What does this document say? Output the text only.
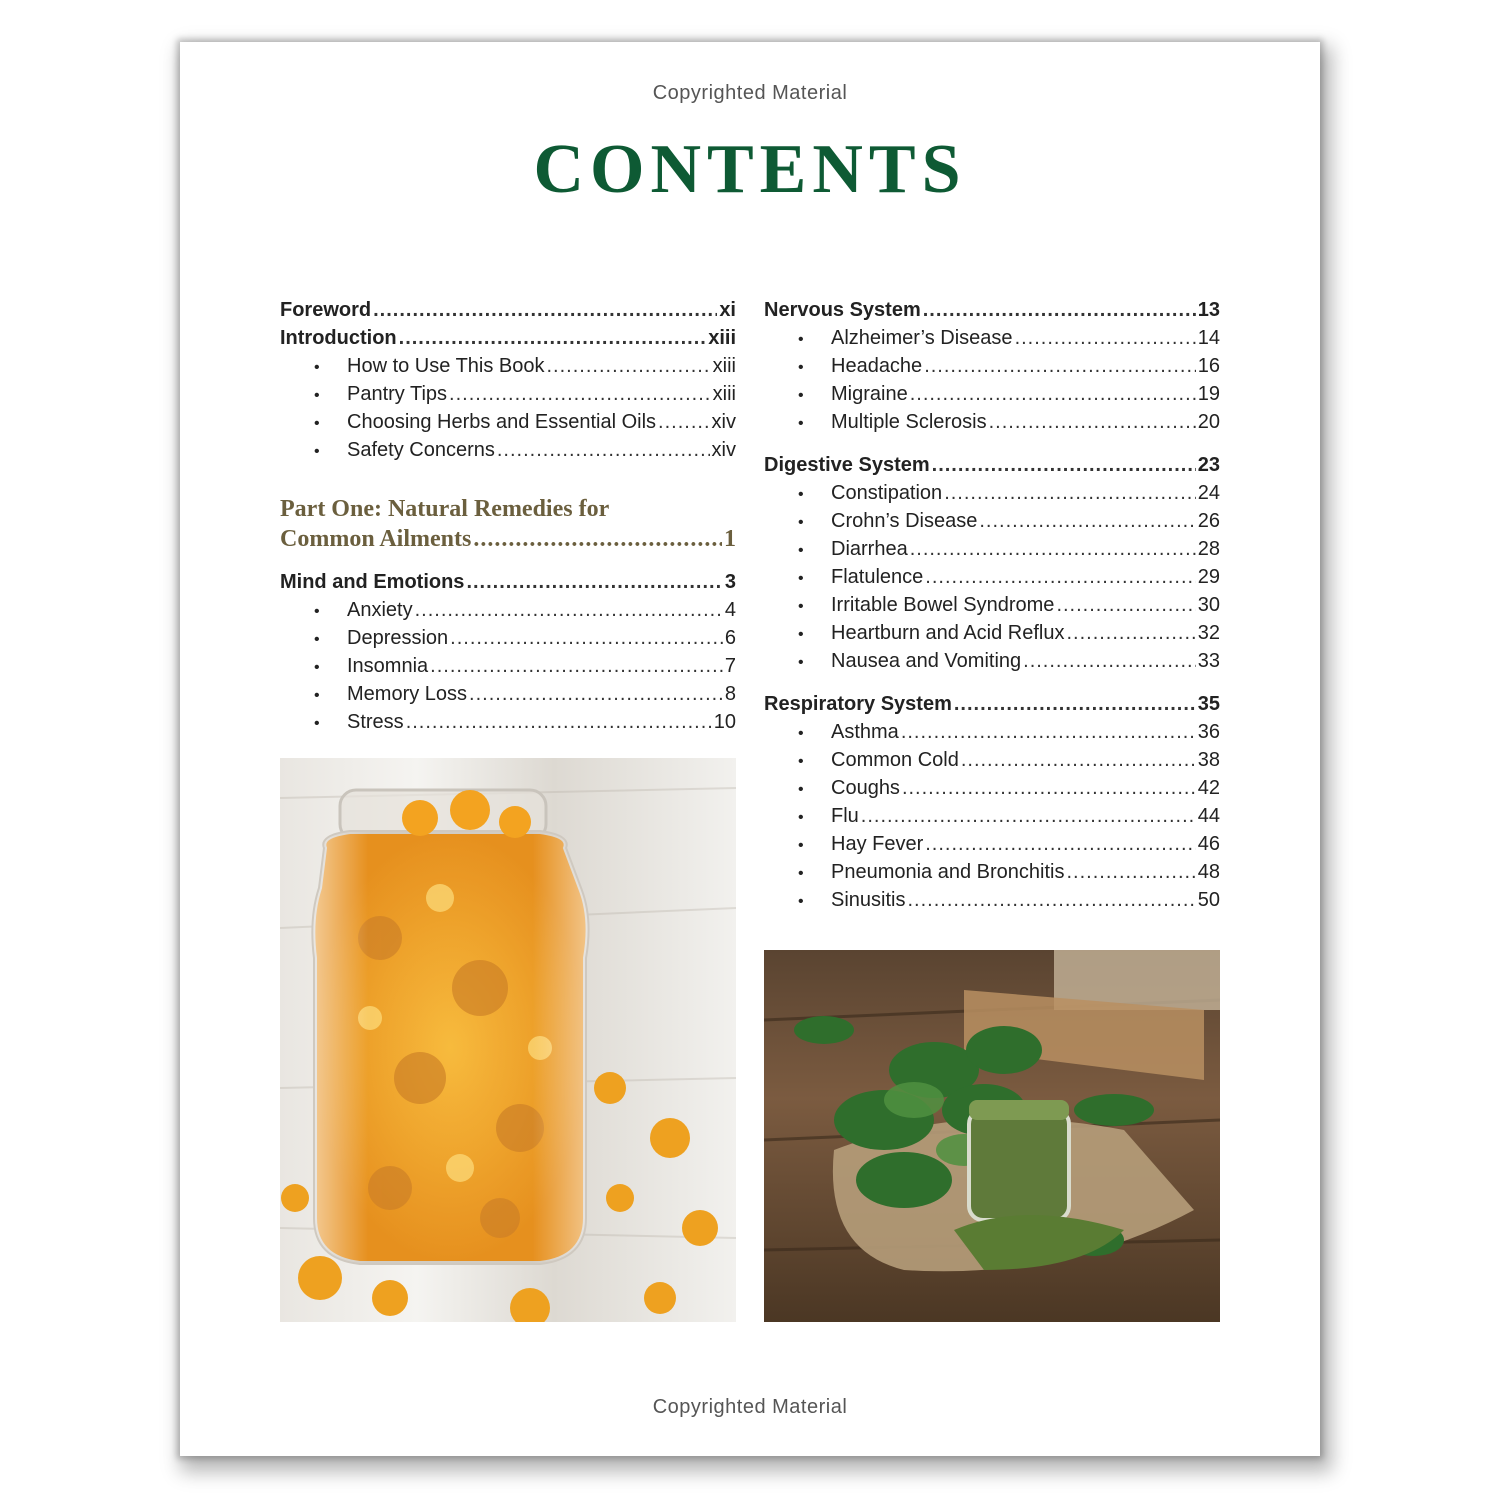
Copyrighted Material
CONTENTS
Foreword .....	xi
Introduction .....	xiii
•	How to Use This Book .....	xiii
•	Pantry Tips .....	xiii
•	Choosing Herbs and Essential Oils .....	xiv
•	Safety Concerns .....	xiv
Part One: Natural Remedies for
Common Ailments .....	1
Mind and Emotions .....	3
•	Anxiety .....	4
•	Depression .....	6
•	Insomnia .....	7
•	Memory Loss .....	8
•	Stress .....	10
Nervous System .....	13
•	Alzheimer’s Disease .....	14
•	Headache .....	16
•	Migraine .....	19
•	Multiple Sclerosis .....	20
Digestive System .....	23
•	Constipation .....	24
•	Crohn’s Disease .....	26
•	Diarrhea .....	28
•	Flatulence .....	29
•	Irritable Bowel Syndrome .....	30
•	Heartburn and Acid Reflux .....	32
•	Nausea and Vomiting .....	33
Respiratory System .....	35
•	Asthma .....	36
•	Common Cold .....	38
•	Coughs .....	42
•	Flu .....	44
•	Hay Fever .....	46
•	Pneumonia and Bronchitis .....	48
•	Sinusitis .....	50
Copyrighted Material
